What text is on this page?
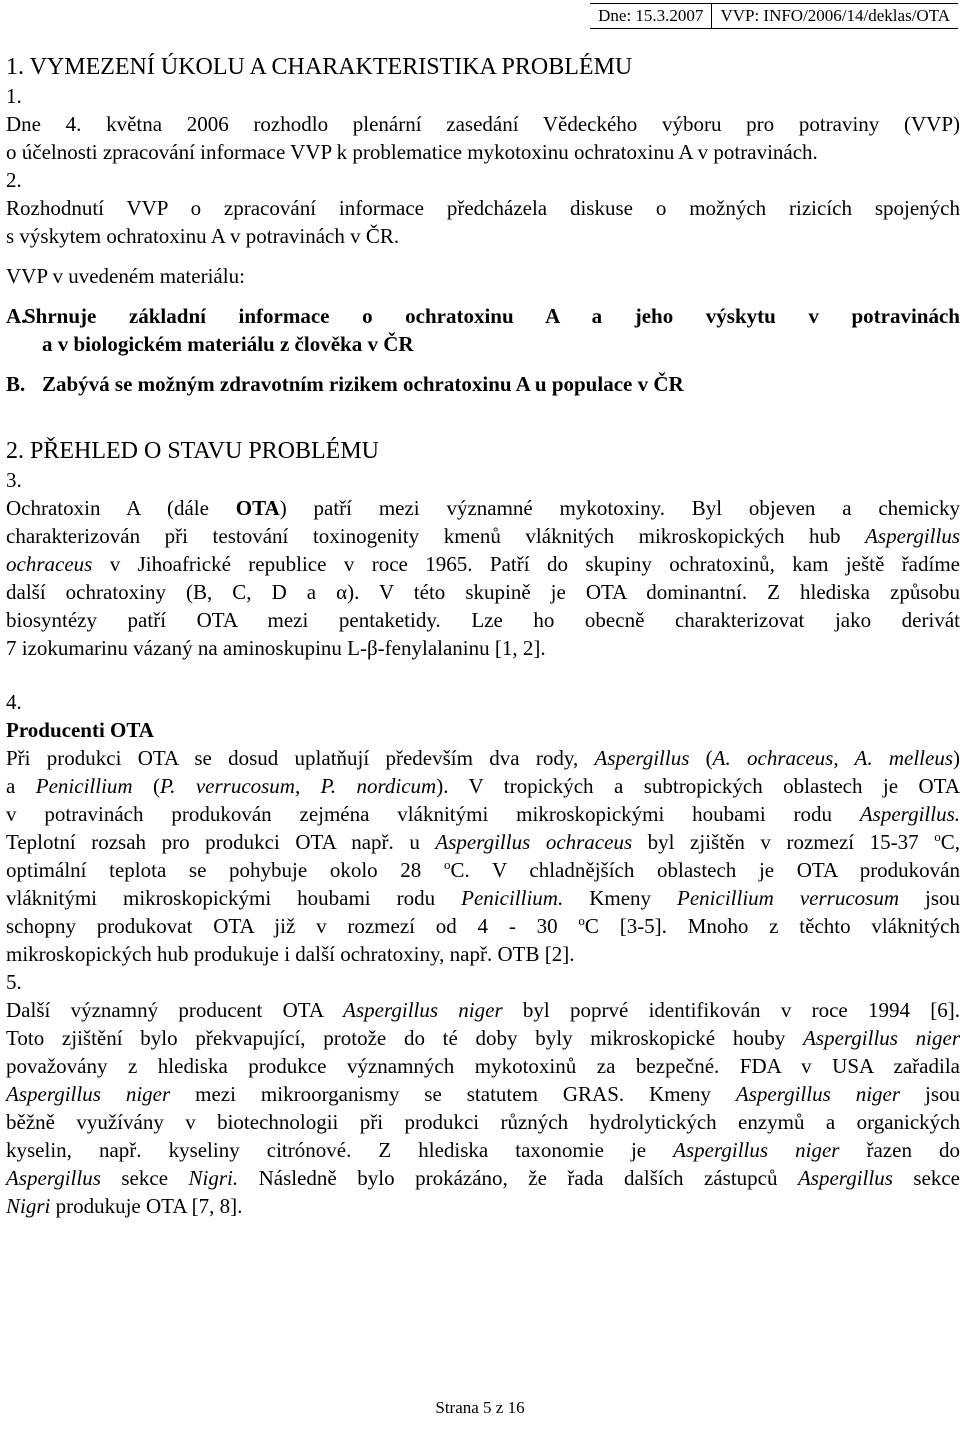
Dne: 15.3.2007	VVP: INFO/2006/14/deklas/OTA
1. VYMEZENÍ ÚKOLU A CHARAKTERISTIKA PROBLÉMU
1.
Dne 4. května 2006 rozhodlo plenární zasedání Vědeckého výboru pro potraviny (VVP)
o účelnosti zpracování informace VVP k problematice mykotoxinu ochratoxinu A v potravinách.
2.
Rozhodnutí VVP o zpracování informace předcházela diskuse o možných rizicích spojených
s výskytem ochratoxinu A v potravinách v ČR.
VVP v uvedeném materiálu:
A.
Shrnuje základní informace o ochratoxinu A a jeho výskytu v potravinách
a v biologickém materiálu z člověka v ČR
B. Zabývá se možným zdravotním rizikem ochratoxinu A u populace v ČR
2. PŘEHLED O STAVU PROBLÉMU
3.
Ochratoxin A (dále OTA) patří mezi významné mykotoxiny. Byl objeven a chemicky
charakterizován při testování toxinogenity kmenů vláknitých mikroskopických hub Aspergillus
ochraceus v Jihoafrické republice v roce 1965. Patří do skupiny ochratoxinů, kam ještě řadíme
další ochratoxiny (B, C, D a α). V této skupině je OTA dominantní. Z hlediska způsobu
biosyntézy patří OTA mezi pentaketidy. Lze ho obecně charakterizovat jako derivát
7 izokumarinu vázaný na aminoskupinu L-β-fenylalaninu [1, 2].
4.
Producenti OTA
Při produkci OTA se dosud uplatňují především dva rody, Aspergillus (A. ochraceus, A. melleus)
a Penicillium (P. verrucosum, P. nordicum). V tropických a subtropických oblastech je OTA
v potravinách produkován zejména vláknitými mikroskopickými houbami rodu Aspergillus.
Teplotní rozsah pro produkci OTA např. u Aspergillus ochraceus byl zjištěn v rozmezí 15-37 $^o$C,
optimální teplota se pohybuje okolo 28 $^o$C. V chladnějších oblastech je OTA produkován
vláknitými mikroskopickými houbami rodu Penicillium. Kmeny Penicillium verrucosum jsou
schopny produkovat OTA již v rozmezí od 4 - 30 $^o$C [3-5]. Mnoho z těchto vláknitých
mikroskopických hub produkuje i další ochratoxiny, např. OTB [2].
5.
Další významný producent OTA Aspergillus niger byl poprvé identifikován v roce 1994 [6].
Toto zjištění bylo překvapující, protože do té doby byly mikroskopické houby Aspergillus niger
považovány z hlediska produkce významných mykotoxinů za bezpečné. FDA v USA zařadila
Aspergillus niger mezi mikroorganismy se statutem GRAS. Kmeny Aspergillus niger jsou
běžně využívány v biotechnologii při produkci různých hydrolytických enzymů a organických
kyselin, např. kyseliny citrónové. Z hlediska taxonomie je Aspergillus niger řazen do
Aspergillus sekce Nigri. Následně bylo prokázáno, že řada dalších zástupců Aspergillus sekce
Nigri produkuje OTA [7, 8].
Strana 5 z 16
